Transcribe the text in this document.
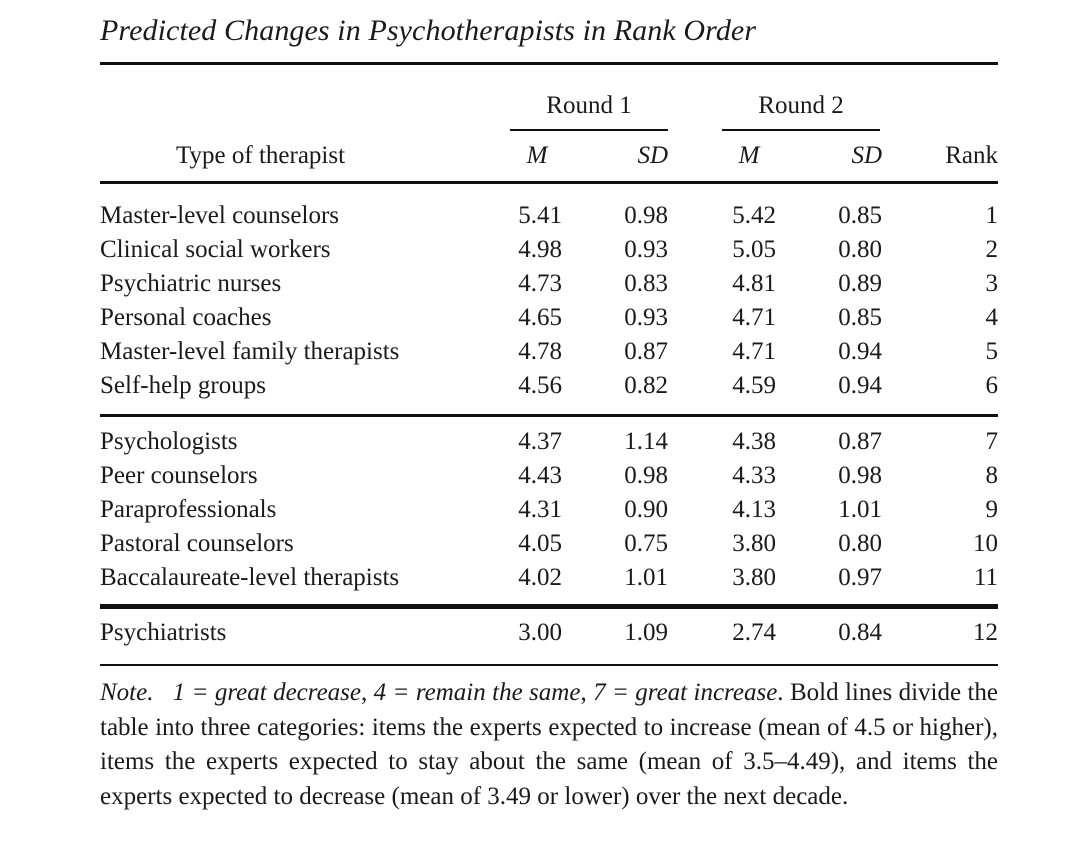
Predicted Changes in Psychotherapists in Rank Order
Round 1	Round 2
Type of therapist	M	SD	M	SD	Rank
Master-level counselors	5.41	0.98	5.42	0.85	1
Clinical social workers	4.98	0.93	5.05	0.80	2
Psychiatric nurses	4.73	0.83	4.81	0.89	3
Personal coaches	4.65	0.93	4.71	0.85	4
Master-level family therapists	4.78	0.87	4.71	0.94	5
Self-help groups	4.56	0.82	4.59	0.94	6
Psychologists	4.37	1.14	4.38	0.87	7
Peer counselors	4.43	0.98	4.33	0.98	8
Paraprofessionals	4.31	0.90	4.13	1.01	9
Pastoral counselors	4.05	0.75	3.80	0.80	10
Baccalaureate-level therapists	4.02	1.01	3.80	0.97	11
Psychiatrists	3.00	1.09	2.74	0.84	12
Note. 1 = great decrease, 4 = remain the same, 7 = great increase. Bold lines divide the table into three categories: items the experts expected to increase (mean of 4.5 or higher), items the experts expected to stay about the same (mean of 3.5–4.49), and items the experts expected to decrease (mean of 3.49 or lower) over the next decade.
